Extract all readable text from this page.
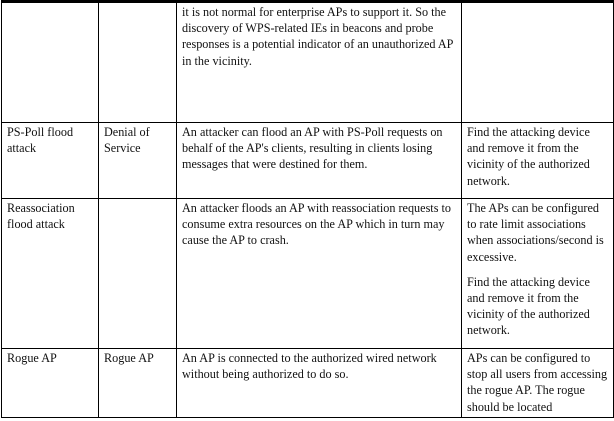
		it is not normal for enterprise APs to support it. So the discovery of WPS-related IEs in beacons and probe responses is a potential indicator of an unauthorized AP in the vicinity.	
PS-Poll flood attack	Denial of Service	An attacker can flood an AP with PS-Poll requests on behalf of the AP's clients, resulting in clients losing messages that were destined for them.	Find the attacking device and remove it from the vicinity of the authorized network.

Reassociation flood attack		An attacker floods an AP with reassociation requests to consume extra resources on the AP which in turn may cause the AP to crash.	The APs can be configured to rate limit associations when associations/second is excessive.

Find the attacking device and remove it from the vicinity of the authorized network.

Rogue AP	Rogue AP	An AP is connected to the authorized wired network without being authorized to do so.	APs can be configured to stop all users from accessing the rogue AP. The rogue should be located
